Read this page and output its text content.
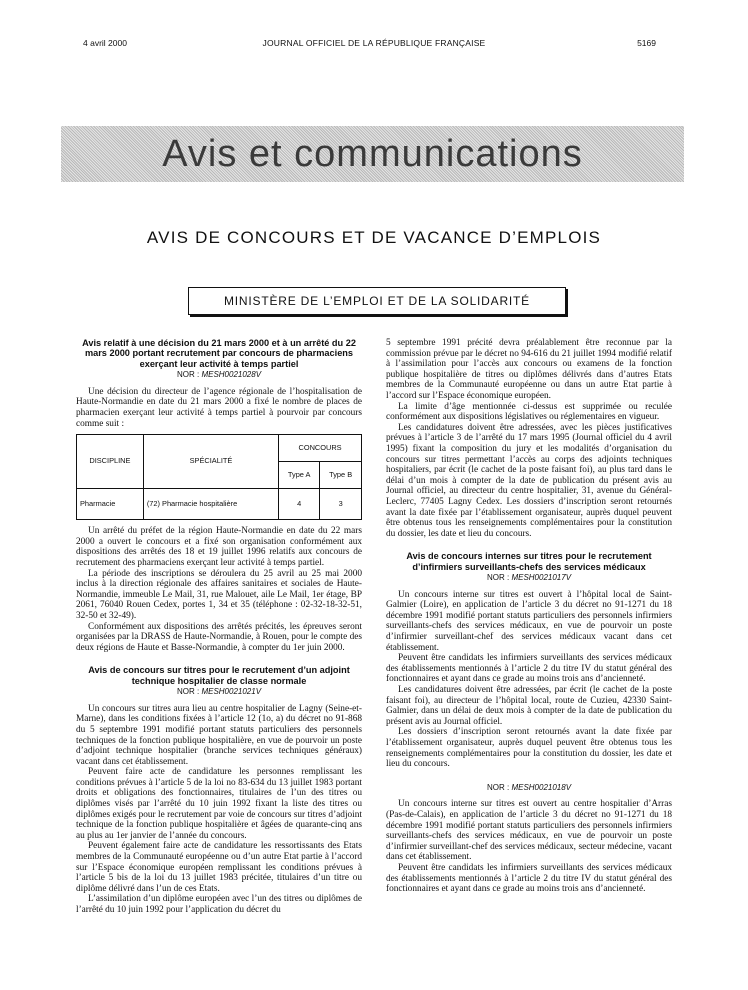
4 avril 2000	JOURNAL OFFICIEL DE LA RÉPUBLIQUE FRANÇAISE	5169
Avis et communications
AVIS DE CONCOURS ET DE VACANCE D’EMPLOIS
MINISTÈRE DE L’EMPLOI ET DE LA SOLIDARITÉ
Avis relatif à une décision du 21 mars 2000 et à un arrêté du 22 mars 2000 portant recrutement par concours de pharmaciens exerçant leur activité à temps partiel
NOR : MESH0021028V

Une décision du directeur de l’agence régionale de l’hospitalisation de Haute-Normandie en date du 21 mars 2000 a fixé le nombre de places de pharmacien exerçant leur activité à temps partiel à pourvoir par concours comme suit :

DISCIPLINE	SPÉCIALITÉ	CONCOURS	
		Type A	Type B
Pharmacie	(72) Pharmacie hospitalière	4	3

Un arrêté du préfet de la région Haute-Normandie en date du 22 mars 2000 a ouvert le concours et a fixé son organisation conformément aux dispositions des arrêtés des 18 et 19 juillet 1996 relatifs aux concours de recrutement des pharmaciens exerçant leur activité à temps partiel.

La période des inscriptions se déroulera du 25 avril au 25 mai 2000 inclus à la direction régionale des affaires sanitaires et sociales de Haute-Normandie, immeuble Le Mail, 31, rue Malouet, aile Le Mail, 1er étage, BP 2061, 76040 Rouen Cedex, portes 1, 34 et 35 (téléphone : 02-32-18-32-51, 32-50 et 32-49).

Conformément aux dispositions des arrêtés précités, les épreuves seront organisées par la DRASS de Haute-Normandie, à Rouen, pour le compte des deux régions de Haute et Basse-Normandie, à compter du 1er juin 2000.

Avis de concours sur titres pour le recrutement d’un adjoint technique hospitalier de classe normale
NOR : MESH0021021V

Un concours sur titres aura lieu au centre hospitalier de Lagny (Seine-et-Marne), dans les conditions fixées à l’article 12 (1o, a) du décret no 91-868 du 5 septembre 1991 modifié portant statuts particuliers des personnels techniques de la fonction publique hospitalière, en vue de pourvoir un poste d’adjoint technique hospitalier (branche services techniques généraux) vacant dans cet établissement.

Peuvent faire acte de candidature les personnes remplissant les conditions prévues à l’article 5 de la loi no 83-634 du 13 juillet 1983 portant droits et obligations des fonctionnaires, titulaires de l’un des titres ou diplômes visés par l’arrêté du 10 juin 1992 fixant la liste des titres ou diplômes exigés pour le recrutement par voie de concours sur titres d’adjoint technique de la fonction publique hospitalière et âgées de quarante-cinq ans au plus au 1er janvier de l’année du concours.

Peuvent également faire acte de candidature les ressortissants des Etats membres de la Communauté européenne ou d’un autre Etat partie à l’accord sur l’Espace économique européen remplissant les conditions prévues à l’article 5 bis de la loi du 13 juillet 1983 précitée, titulaires d’un titre ou diplôme délivré dans l’un de ces Etats.

L’assimilation d’un diplôme européen avec l’un des titres ou diplômes de l’arrêté du 10 juin 1992 pour l’application du décret du

5 septembre 1991 précité devra préalablement être reconnue par la commission prévue par le décret no 94-616 du 21 juillet 1994 modifié relatif à l’assimilation pour l’accès aux concours ou examens de la fonction publique hospitalière de titres ou diplômes délivrés dans d’autres Etats membres de la Communauté européenne ou dans un autre Etat partie à l’accord sur l’Espace économique européen.

La limite d’âge mentionnée ci-dessus est supprimée ou reculée conformément aux dispositions législatives ou réglementaires en vigueur.

Les candidatures doivent être adressées, avec les pièces justificatives prévues à l’article 3 de l’arrêté du 17 mars 1995 (Journal officiel du 4 avril 1995) fixant la composition du jury et les modalités d’organisation du concours sur titres permettant l’accès au corps des adjoints techniques hospitaliers, par écrit (le cachet de la poste faisant foi), au plus tard dans le délai d’un mois à compter de la date de publication du présent avis au Journal officiel, au directeur du centre hospitalier, 31, avenue du Général-Leclerc, 77405 Lagny Cedex. Les dossiers d’inscription seront retournés avant la date fixée par l’établissement organisateur, auprès duquel peuvent être obtenus tous les renseignements complémentaires pour la constitution du dossier, les date et lieu du concours.

Avis de concours internes sur titres pour le recrutement d’infirmiers surveillants-chefs des services médicaux
NOR : MESH0021017V

Un concours interne sur titres est ouvert à l’hôpital local de Saint-Galmier (Loire), en application de l’article 3 du décret no 91-1271 du 18 décembre 1991 modifié portant statuts particuliers des personnels infirmiers surveillants-chefs des services médicaux, en vue de pourvoir un poste d’infirmier surveillant-chef des services médicaux vacant dans cet établissement.

Peuvent être candidats les infirmiers surveillants des services médicaux des établissements mentionnés à l’article 2 du titre IV du statut général des fonctionnaires et ayant dans ce grade au moins trois ans d’ancienneté.

Les candidatures doivent être adressées, par écrit (le cachet de la poste faisant foi), au directeur de l’hôpital local, route de Cuzieu, 42330 Saint-Galmier, dans un délai de deux mois à compter de la date de publication du présent avis au Journal officiel.

Les dossiers d’inscription seront retournés avant la date fixée par l’établissement organisateur, auprès duquel peuvent être obtenus tous les renseignements complémentaires pour la constitution du dossier, les date et lieu du concours.

NOR : MESH0021018V

Un concours interne sur titres est ouvert au centre hospitalier d’Arras (Pas-de-Calais), en application de l’article 3 du décret no 91-1271 du 18 décembre 1991 modifié portant statuts particuliers des personnels infirmiers surveillants-chefs des services médicaux, en vue de pourvoir un poste d’infirmier surveillant-chef des services médicaux, secteur médecine, vacant dans cet établissement.

Peuvent être candidats les infirmiers surveillants des services médicaux des établissements mentionnés à l’article 2 du titre IV du statut général des fonctionnaires et ayant dans ce grade au moins trois ans d’ancienneté.
